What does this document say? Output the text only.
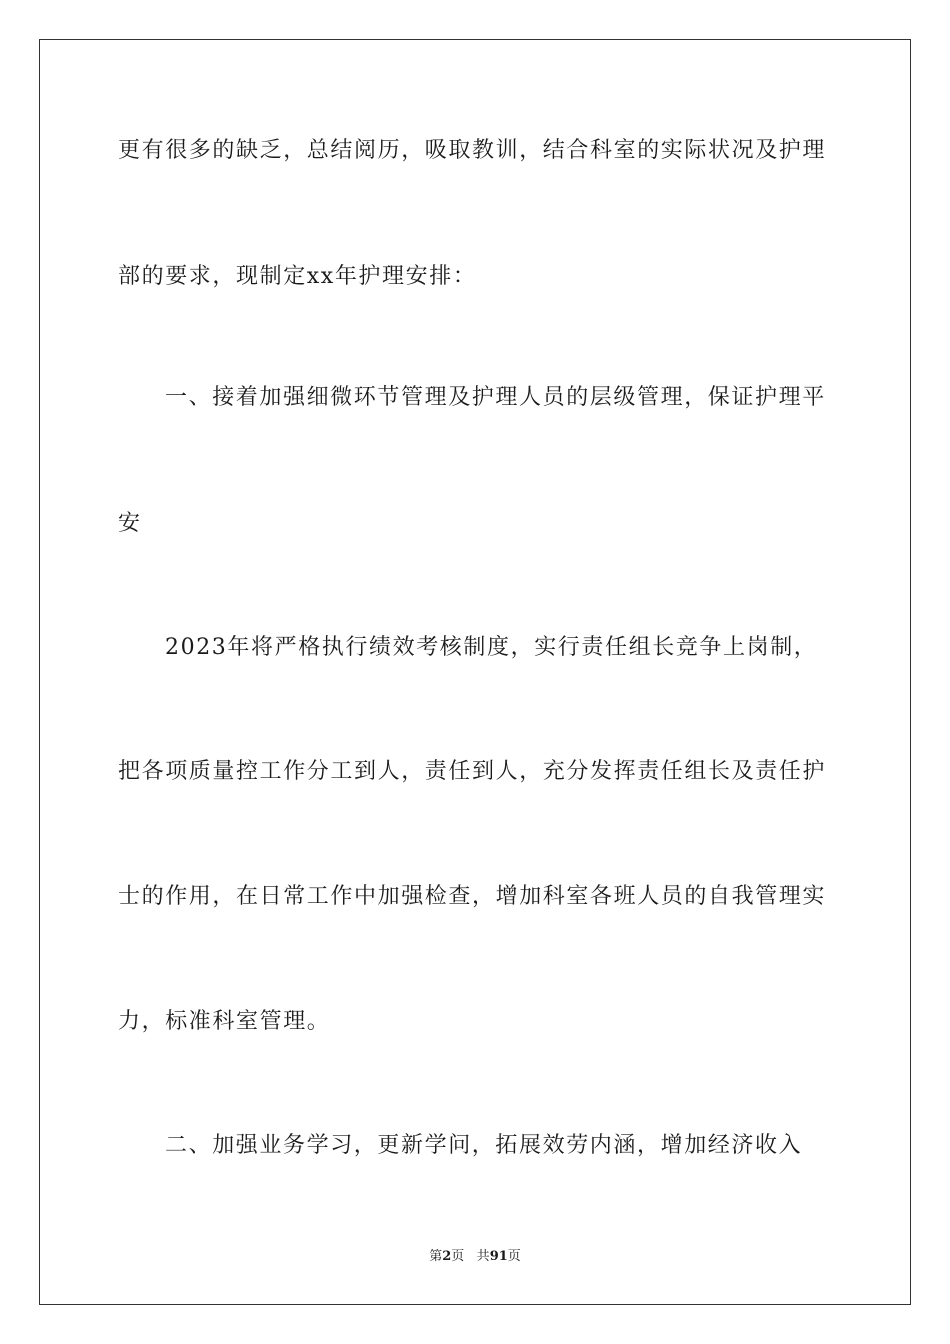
更有很多的缺乏，总结阅历，吸取教训，结合科室的实际状况及护理
部的要求，现制定xx年护理安排：
一、接着加强细微环节管理及护理人员的层级管理，保证护理平
安
2023年将严格执行绩效考核制度，实行责任组长竞争上岗制，
把各项质量控工作分工到人，责任到人，充分发挥责任组长及责任护
士的作用，在日常工作中加强检查，增加科室各班人员的自我管理实
力，标准科室管理。
二、加强业务学习，更新学问，拓展效劳内涵，增加经济收入
第2页 共91页
